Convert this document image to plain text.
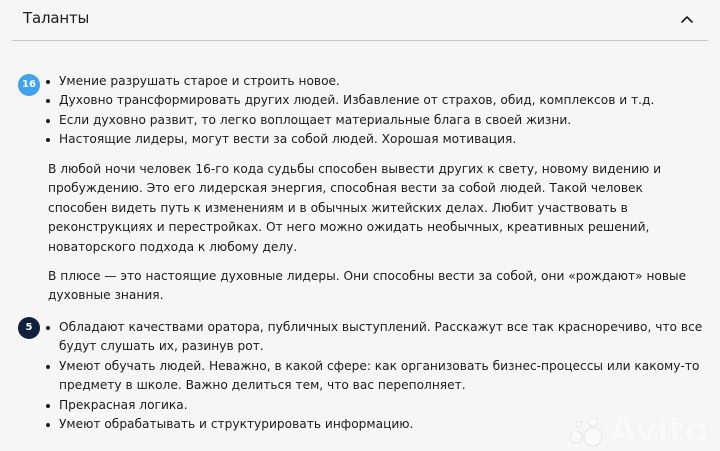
Таланты
16	Умение разрушать старое и строить новое.
Духовно трансформировать других людей. Избавление от страхов, обид, комплексов и т.д.
Если духовно развит, то легко воплощает материальные блага в своей жизни.
Настоящие лидеры, могут вести за собой людей. Хорошая мотивация.

В любой ночи человек 16-го кода судьбы способен вывести других к свету, новому видению и пробуждению. Это его лидерская энергия, способная вести за собой людей. Такой человек способен видеть путь к изменениям и в обычных житейских делах. Любит участвовать в реконструкциях и перестройках. От него можно ожидать необычных, креативных решений, новаторского подхода к любому делу.

В плюсе — это настоящие духовные лидеры. Они способны вести за собой, они «рождают» новые духовные знания.

5	Обладают качествами оратора, публичных выступлений. Расскажут все так красноречиво, что все будут слушать их, разинув рот.
Умеют обучать людей. Неважно, в какой сфере: как организовать бизнес-процессы или какому-то предмету в школе. Важно делиться тем, что вас переполняет.
Прекрасная логика.
Умеют обрабатывать и структурировать информацию.	Avito
